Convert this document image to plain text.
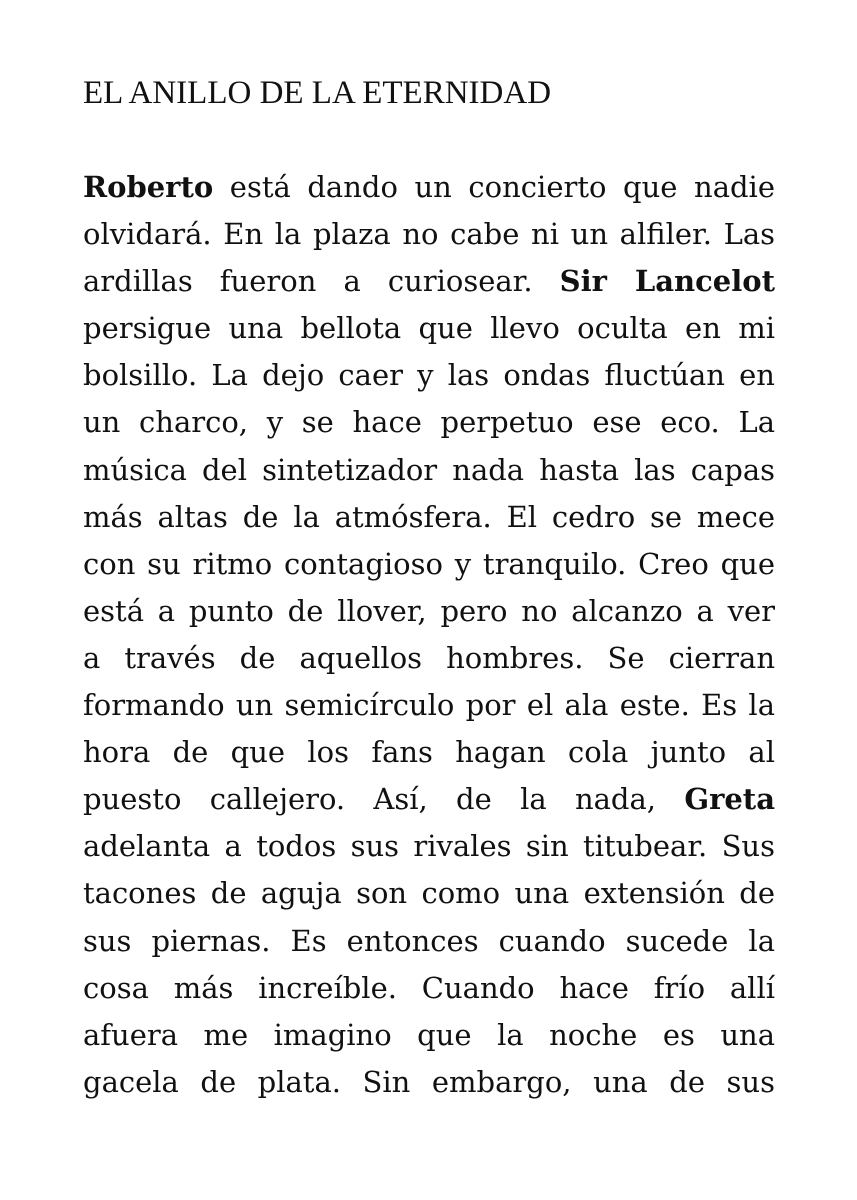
EL ANILLO DE LA ETERNIDAD
Roberto está dando un concierto que nadie
olvidará. En la plaza no cabe ni un alfiler. Las
ardillas fueron a curiosear. Sir Lancelot
persigue una bellota que llevo oculta en mi
bolsillo. La dejo caer y las ondas fluctúan en
un charco, y se hace perpetuo ese eco. La
música del sintetizador nada hasta las capas
más altas de la atmósfera. El cedro se mece
con su ritmo contagioso y tranquilo. Creo que
está a punto de llover, pero no alcanzo a ver
a través de aquellos hombres. Se cierran
formando un semicírculo por el ala este. Es la
hora de que los fans hagan cola junto al
puesto callejero. Así, de la nada, Greta
adelanta a todos sus rivales sin titubear. Sus
tacones de aguja son como una extensión de
sus piernas. Es entonces cuando sucede la
cosa más increíble. Cuando hace frío allí
afuera me imagino que la noche es una
gacela de plata. Sin embargo, una de sus
